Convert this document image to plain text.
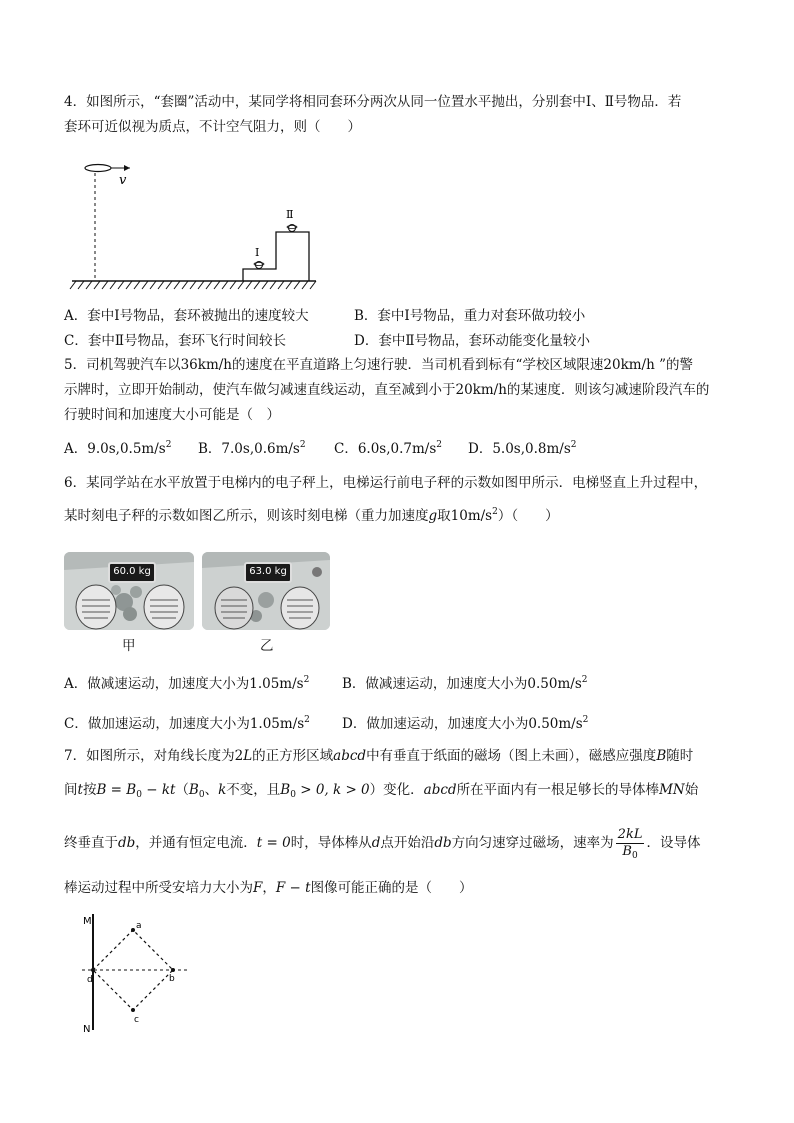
4．如图所示，“套圈”活动中，某同学将相同套环分两次从同一位置水平抛出，分别套中Ⅰ、Ⅱ号物品．若
套环可近似视为质点，不计空气阻力，则（　　）
v
Ⅰ
Ⅱ
A．套中Ⅰ号物品，套环被抛出的速度较大	B．套中Ⅰ号物品，重力对套环做功较小
C．套中Ⅱ号物品，套环飞行时间较长	D．套中Ⅱ号物品，套环动能变化量较小
5．司机驾驶汽车以36km/h的速度在平直道路上匀速行驶．当司机看到标有“学校区域限速20km/h ”的警
示牌时，立即开始制动，使汽车做匀减速直线运动，直至减到小于20km/h的某速度．则该匀减速阶段汽车的
行驶时间和加速度大小可能是（　）
A．$9.0s,0.5m/s^2$ B．$7.0s,0.6m/s^2$ C．$6.0s,0.7m/s^2$ D．$5.0s,0.8m/s^2$
6．某同学站在水平放置于电梯内的电子秤上，电梯运行前电子秤的示数如图甲所示．电梯竖直上升过程中，
某时刻电子秤的示数如图乙所示，则该时刻电梯（重力加速度g取$10m/s^2$）（　　）
60.0 kg
甲
63.0 kg
乙
A．做减速运动，加速度大小为$1.05m/s^2$ B．做减速运动，加速度大小为$0.50m/s^2$
C．做加速运动，加速度大小为$1.05m/s^2$ D．做加速运动，加速度大小为$0.50m/s^2$
7．如图所示，对角线长度为2L的正方形区域abcd中有垂直于纸面的磁场（图上未画），磁感应强度B随时
间t按$B = B_0 - kt(B_0$、k不变，且$B_0 > 0$, k > 0）变化．abcd所在平面内有一根足够长的导体棒MN始
终垂直于db，并通有恒定电流．t = 0时，导体棒从d点开始沿db方向匀速穿过磁场，速率为 $\frac{2kL}{B_0}$ ．设导体
棒运动过程中所受安培力大小为F，F − t图像可能正确的是（　　）
M
N
a
b
c
d
